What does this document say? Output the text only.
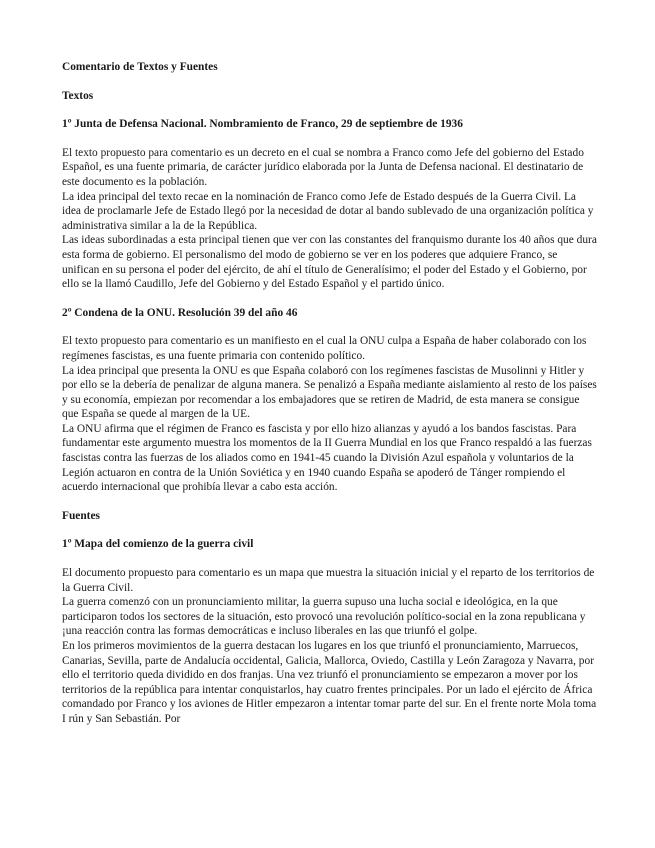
Comentario de Textos y Fuentes

Textos

1º Junta de Defensa Nacional. Nombramiento de Franco, 29 de septiembre de 1936

El texto propuesto para comentario es un decreto en el cual se nombra a Franco como Jefe del gobierno del Estado Español, es una fuente primaria, de carácter jurídico elaborada por la Junta de Defensa nacional. El destinatario de este documento es la población.

La idea principal del texto recae en la nominación de Franco como Jefe de Estado después de la Guerra Civil. La idea de proclamarle Jefe de Estado llegó por la necesidad de dotar al bando sublevado de una organización política y administrativa similar a la de la República.

Las ideas subordinadas a esta principal tienen que ver con las constantes del franquismo durante los 40 años que dura esta forma de gobierno. El personalismo del modo de gobierno se ver en los poderes que adquiere Franco, se unifican en su persona el poder del ejército, de ahí el título de Generalísimo; el poder del Estado y el Gobierno, por ello se la llamó Caudillo, Jefe del Gobierno y del Estado Español y el partido único.

2º Condena de la ONU. Resolución 39 del año 46

El texto propuesto para comentario es un manifiesto en el cual la ONU culpa a España de haber colaborado con los regímenes fascistas, es una fuente primaria con contenido político.

La idea principal que presenta la ONU es que España colaboró con los regímenes fascistas de Musolinni y Hitler y por ello se la debería de penalizar de alguna manera. Se penalizó a España mediante aislamiento al resto de los países y su economía, empiezan por recomendar a los embajadores que se retiren de Madrid, de esta manera se consigue que España se quede al margen de la UE.

La ONU afirma que el régimen de Franco es fascista y por ello hizo alianzas y ayudó a los bandos fascistas. Para fundamentar este argumento muestra los momentos de la II Guerra Mundial en los que Franco respaldó a las fuerzas fascistas contra las fuerzas de los aliados como en 1941-45 cuando la División Azul española y voluntarios de la Legión actuaron en contra de la Unión Soviética y en 1940 cuando España se apoderó de Tánger rompiendo el acuerdo internacional que prohibía llevar a cabo esta acción.

Fuentes

1º Mapa del comienzo de la guerra civil

El documento propuesto para comentario es un mapa que muestra la situación inicial y el reparto de los territorios de la Guerra Civil.

La guerra comenzó con un pronunciamiento militar, la guerra supuso una lucha social e ideológica, en la que participaron todos los sectores de la situación, esto provocó una revolución político-social en la zona republicana y ¡una reacción contra las formas democráticas e incluso liberales en las que triunfó el golpe.

En los primeros movimientos de la guerra destacan los lugares en los que triunfó el pronunciamiento, Marruecos, Canarias, Sevilla, parte de Andalucía occidental, Galicia, Mallorca, Oviedo, Castilla y León Zaragoza y Navarra, por ello el territorio queda dividido en dos franjas. Una vez triunfó el pronunciamiento se empezaron a mover por los territorios de la república para intentar conquistarlos, hay cuatro frentes principales. Por un lado el ejército de África comandado por Franco y los aviones de Hitler empezaron a intentar tomar parte del sur. En el frente norte Mola toma I rún y San Sebastián. Por
